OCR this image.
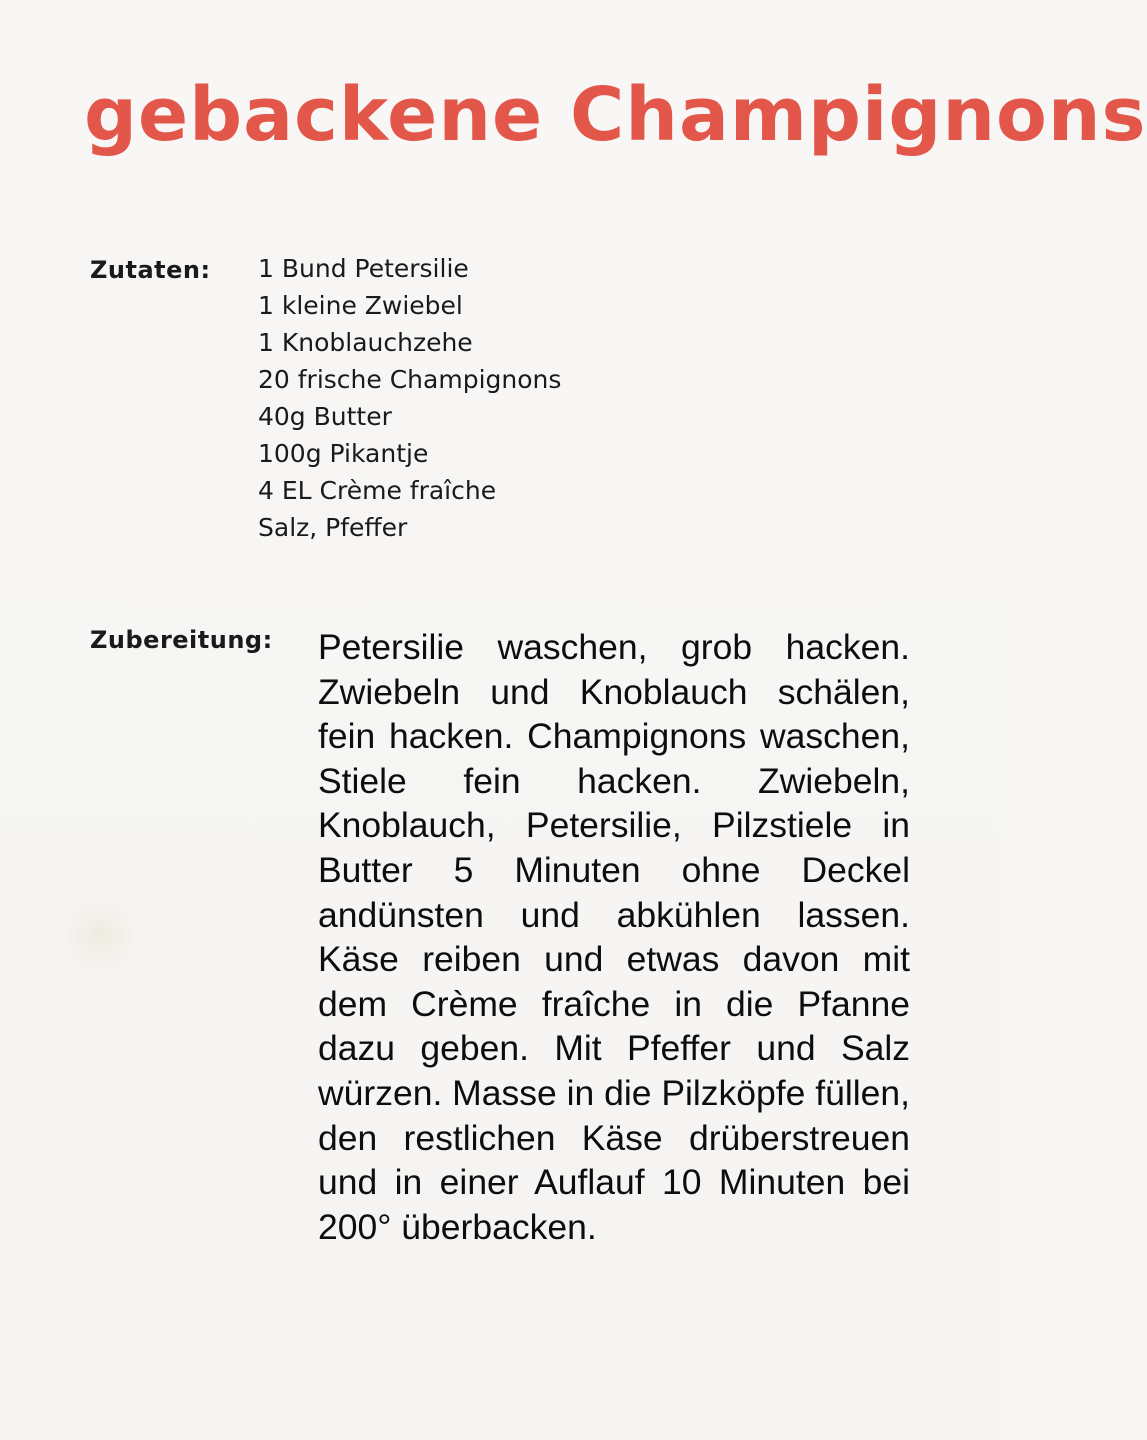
gebackene Champignons
Zutaten: 1 Bund Petersilie
1 kleine Zwiebel
1 Knoblauchzehe
20 frische Champignons
40g Butter
100g Pikantje
4 EL Crème fraîche
Salz, Pfeffer
Zubereitung: Petersilie waschen, grob hacken. Zwiebeln und Knoblauch schälen, fein hacken. Champignons waschen, Stiele fein hacken. Zwiebeln, Knoblauch, Petersilie, Pilzstiele in Butter 5 Minuten ohne Deckel andünsten und abkühlen lassen. Käse reiben und etwas davon mit dem Crème fraîche in die Pfanne dazu geben. Mit Pfeffer und Salz würzen. Masse in die Pilzköpfe füllen, den restlichen Käse drüberstreuen und in einer Auflauf 10 Minuten bei 200° überbacken.
